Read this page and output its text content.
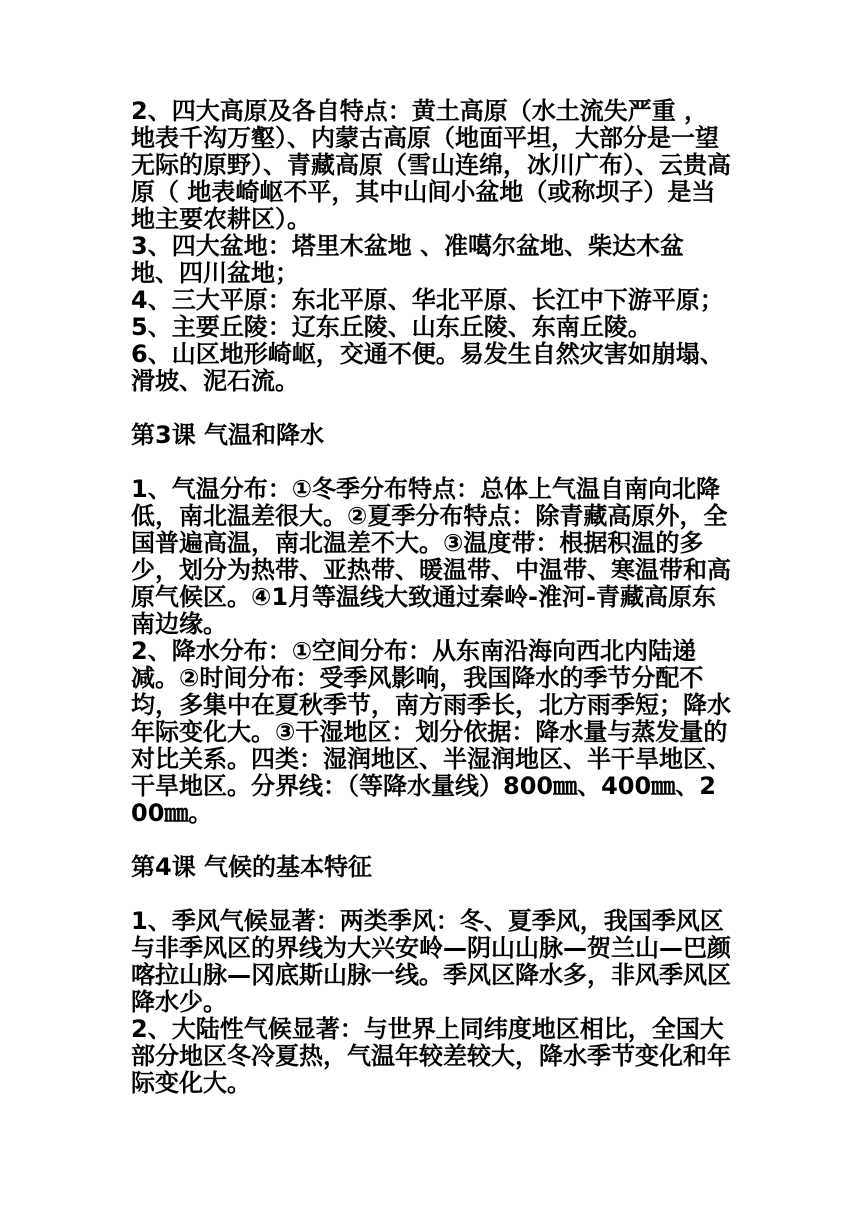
2、四大高原及各自特点：黄土高原（水土流失严重 ，地表千沟万壑）、内蒙古高原（地面平坦，大部分是一望无际的原野）、青藏高原（雪山连绵，冰川广布）、云贵高原（ 地表崎岖不平，其中山间小盆地（或称坝子）是当地主要农耕区）。

3、四大盆地：塔里木盆地 、准噶尔盆地、柴达木盆地、四川盆地；

4、三大平原：东北平原、华北平原、长江中下游平原；

5、主要丘陵：辽东丘陵、山东丘陵、东南丘陵。

6、山区地形崎岖，交通不便。易发生自然灾害如崩塌、滑坡、泥石流。

第3课 气温和降水

1、气温分布：①冬季分布特点：总体上气温自南向北降低，南北温差很大。②夏季分布特点：除青藏高原外，全国普遍高温，南北温差不大。③温度带：根据积温的多少，划分为热带、亚热带、暖温带、中温带、寒温带和高原气候区。④1月等温线大致通过秦岭-淮河-青藏高原东南边缘。

2、降水分布：①空间分布：从东南沿海向西北内陆递减。②时间分布：受季风影响，我国降水的季节分配不均，多集中在夏秋季节，南方雨季长，北方雨季短；降水年际变化大。③干湿地区：划分依据：降水量与蒸发量的对比关系。四类：湿润地区、半湿润地区、半干旱地区、干旱地区。分界线：（等降水量线）800㎜、400㎜、200㎜。

第4课 气候的基本特征

1、季风气候显著：两类季风：冬、夏季风，我国季风区与非季风区的界线为大兴安岭—阴山山脉—贺兰山—巴颜喀拉山脉—冈底斯山脉一线。季风区降水多，非风季风区降水少。

2、大陆性气候显著：与世界上同纬度地区相比，全国大部分地区冬冷夏热，气温年较差较大，降水季节变化和年际变化大。
